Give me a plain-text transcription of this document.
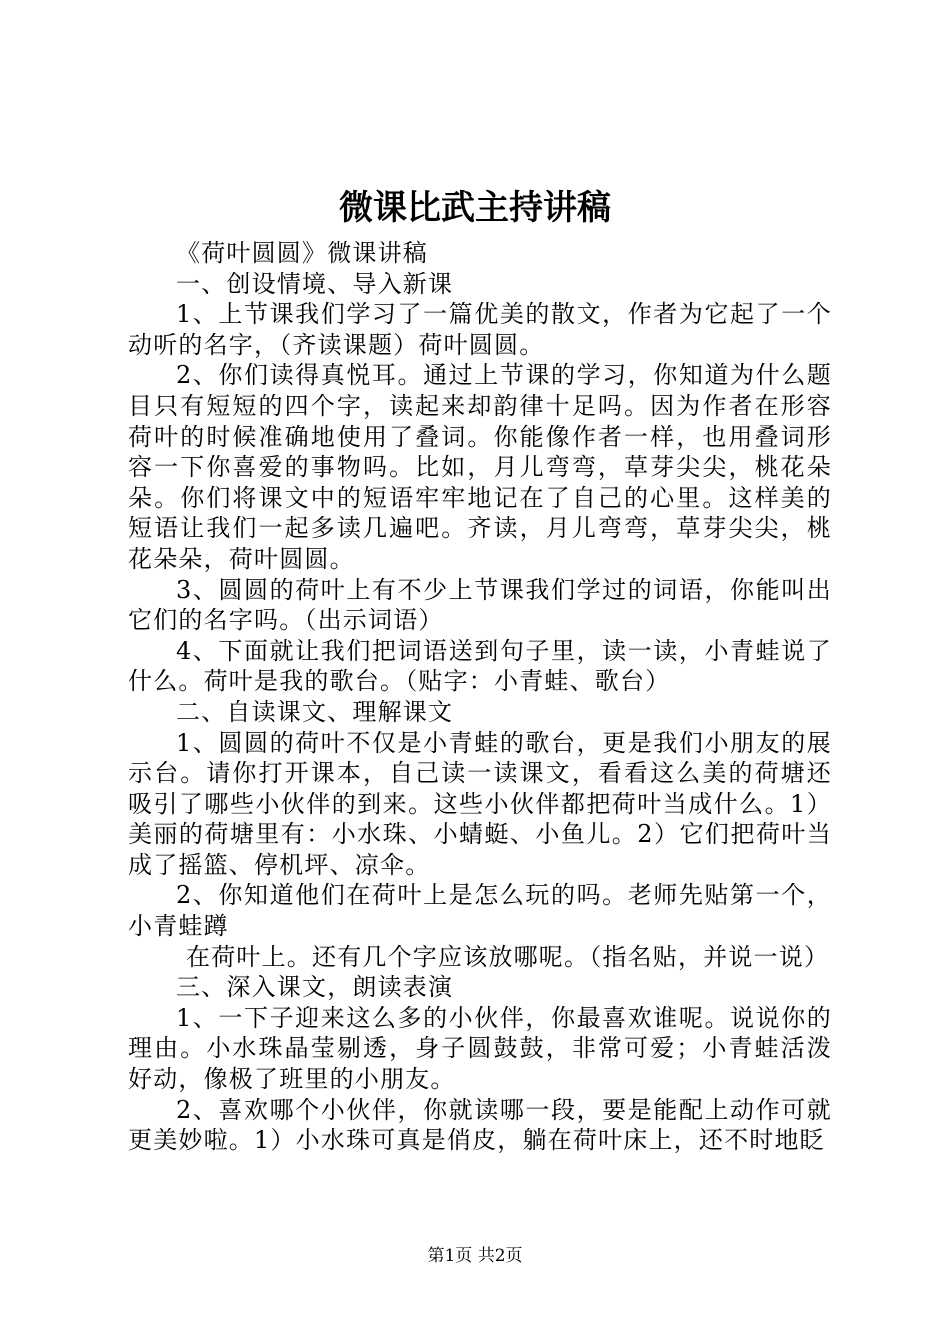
微课比武主持讲稿

《荷叶圆圆》微课讲稿

一、创设情境、导入新课

1、上节课我们学习了一篇优美的散文，作者为它起了一个动听的名字，（齐读课题）荷叶圆圆。

2、你们读得真悦耳。通过上节课的学习，你知道为什么题目只有短短的四个字，读起来却韵律十足吗。因为作者在形容荷叶的时候准确地使用了叠词。你能像作者一样，也用叠词形容一下你喜爱的事物吗。比如，月儿弯弯，草芽尖尖，桃花朵朵。你们将课文中的短语牢牢地记在了自己的心里。这样美的短语让我们一起多读几遍吧。齐读，月儿弯弯，草芽尖尖，桃花朵朵，荷叶圆圆。

3、圆圆的荷叶上有不少上节课我们学过的词语，你能叫出它们的名字吗。（出示词语）

4、下面就让我们把词语送到句子里，读一读，小青蛙说了什么。荷叶是我的歌台。（贴字：小青蛙、歌台）

二、自读课文、理解课文

1、圆圆的荷叶不仅是小青蛙的歌台，更是我们小朋友的展示台。请你打开课本，自己读一读课文，看看这么美的荷塘还吸引了哪些小伙伴的到来。这些小伙伴都把荷叶当成什么。1）美丽的荷塘里有：小水珠、小蜻蜓、小鱼儿。2）它们把荷叶当成了摇篮、停机坪、凉伞。

2、你知道他们在荷叶上是怎么玩的吗。老师先贴第一个，小青蛙蹲

在荷叶上。还有几个字应该放哪呢。（指名贴，并说一说）

三、深入课文，朗读表演

1、一下子迎来这么多的小伙伴，你最喜欢谁呢。说说你的理由。小水珠晶莹剔透，身子圆鼓鼓，非常可爱；小青蛙活泼好动，像极了班里的小朋友。

2、喜欢哪个小伙伴，你就读哪一段，要是能配上动作可就更美妙啦。1）小水珠可真是俏皮，躺在荷叶床上，还不时地眨

第1页 共2页
